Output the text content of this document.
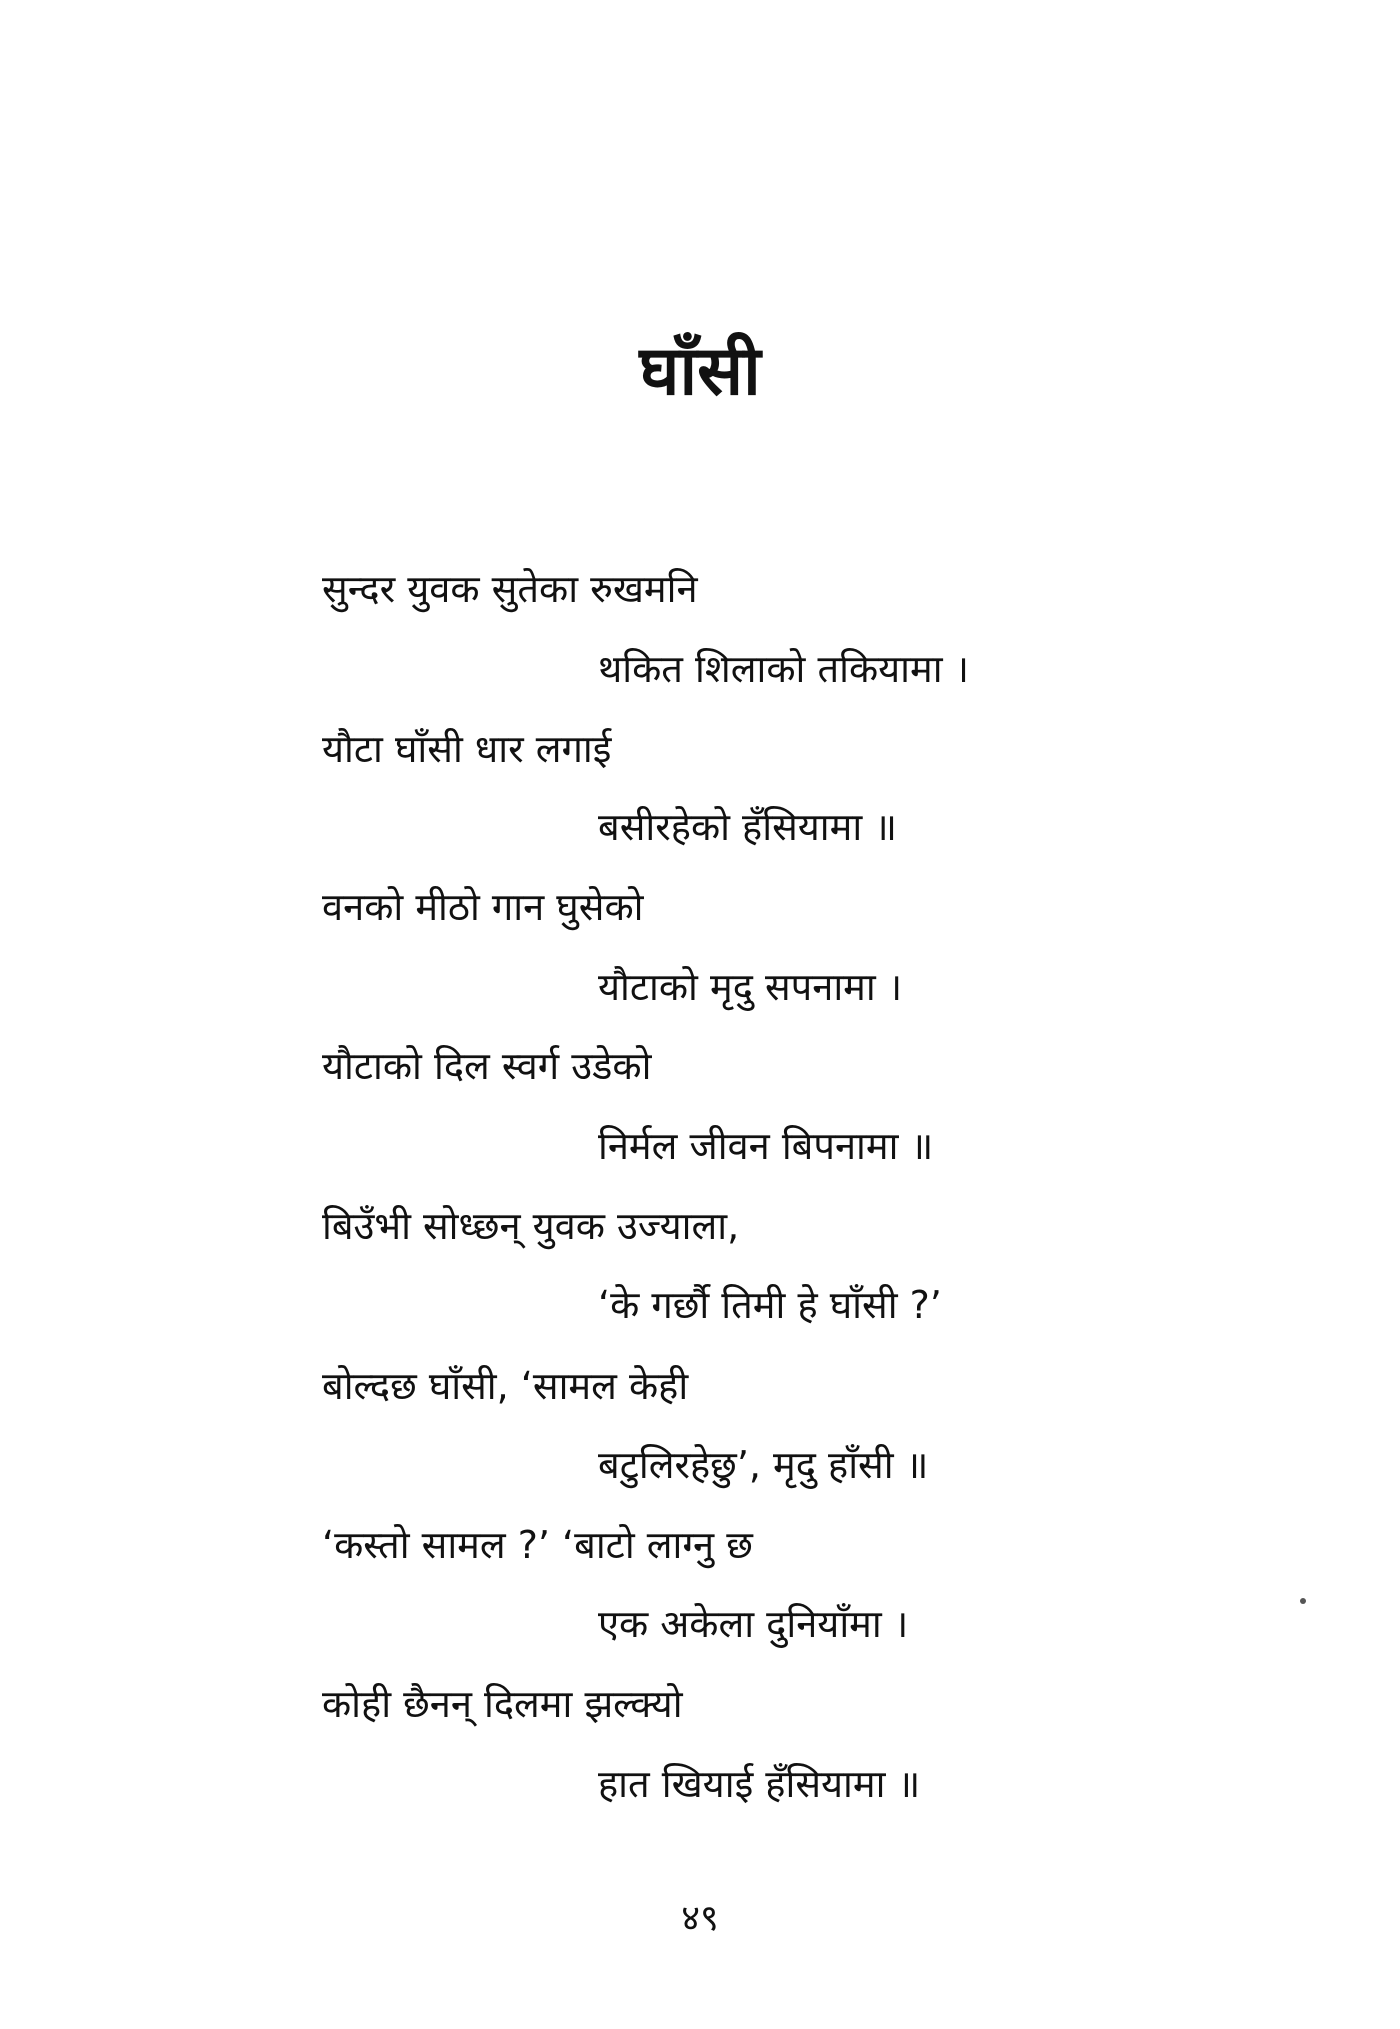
घाँसी
सुन्दर युवक सुतेका रुखमनि
थकित शिलाको तकियामा ।
यौटा घाँसी धार लगाई
बसीरहेको हँसियामा ॥
वनको मीठो गान घुसेको
यौटाको मृदु सपनामा ।
यौटाको दिल स्वर्ग उडेको
निर्मल जीवन बिपनामा ॥
बिउँभी सोध्छन् युवक उज्याला,
‘के गर्छौ तिमी हे घाँसी ?’
बोल्दछ घाँसी, ‘सामल केही
बटुलिरहेछु’, मृदु हाँसी ॥
‘कस्तो सामल ?’ ‘बाटो लाग्नु छ
एक अकेला दुनियाँमा ।
कोही छैनन् दिलमा झल्क्यो
हात खियाई हँसियामा ॥
४९
